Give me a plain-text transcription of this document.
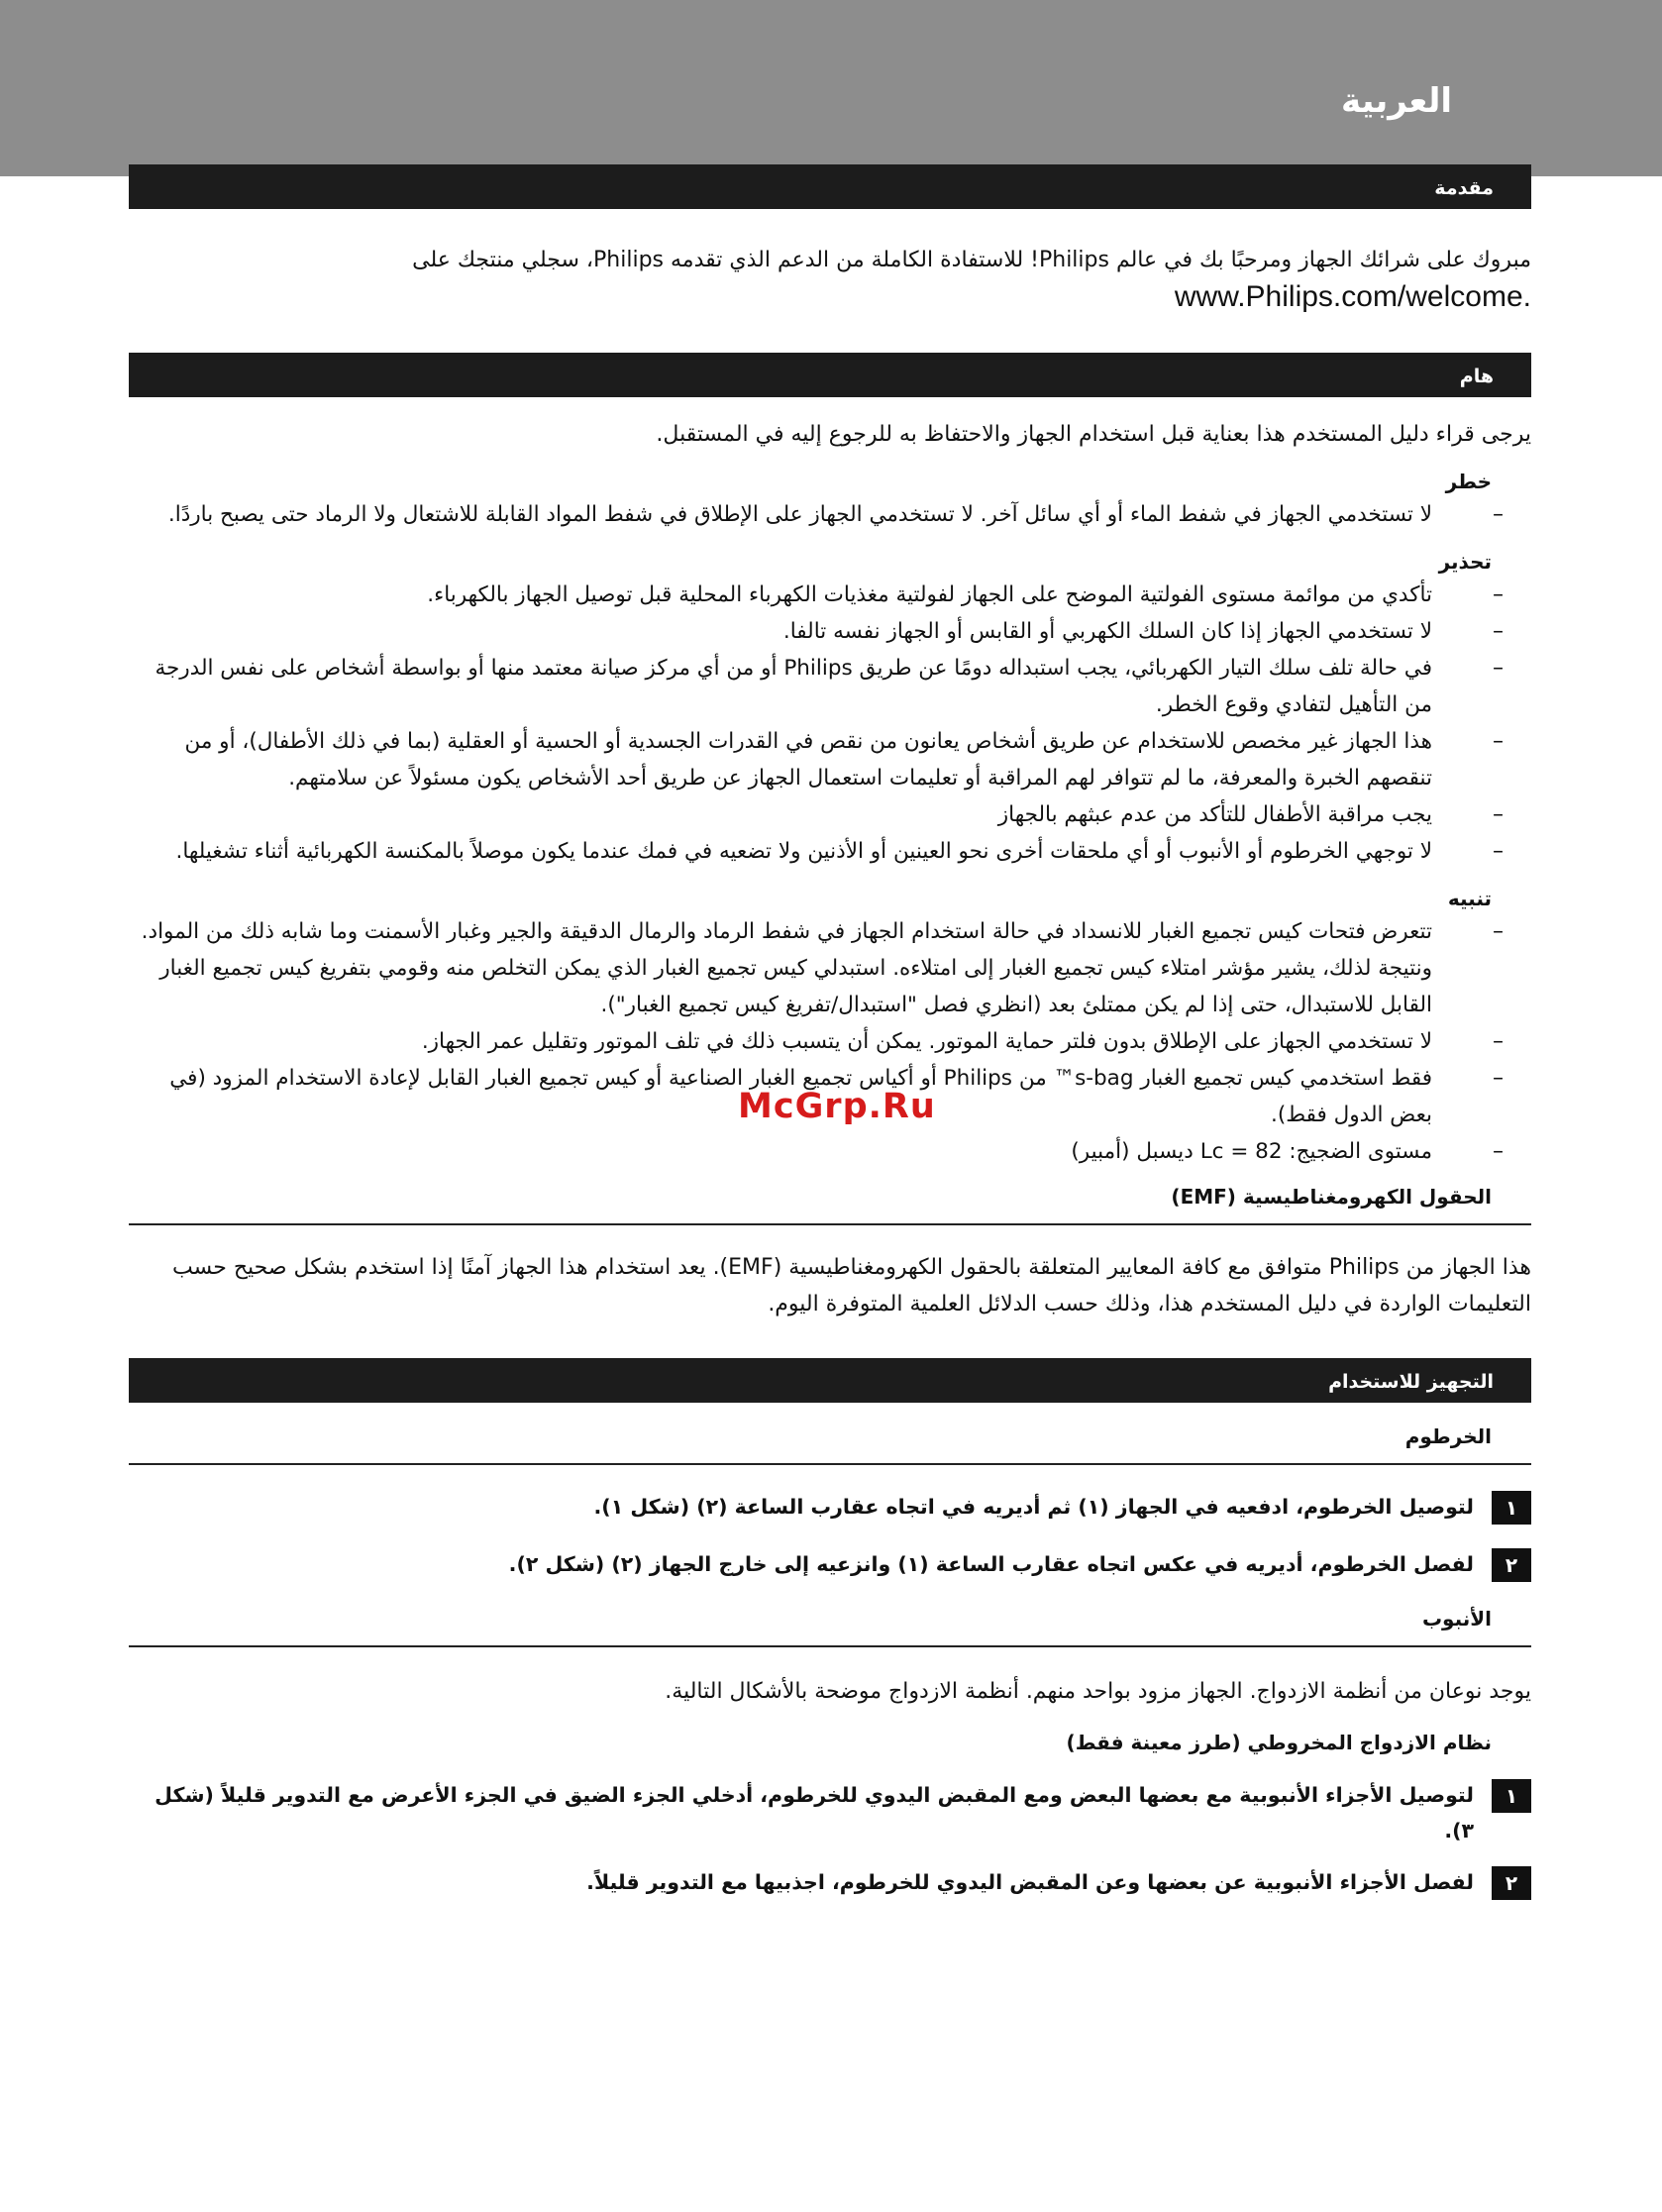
العربية
McGrp.Ru
مقدمة

مبروك على شرائك الجهاز ومرحبًا بك في عالم Philips! للاستفادة الكاملة من الدعم الذي تقدمه Philips، سجلي منتجك على
.www.Philips.com/welcome

هام

يرجى قراء دليل المستخدم هذا بعناية قبل استخدام الجهاز والاحتفاظ به للرجوع إليه في المستقبل.

خطر

– لا تستخدمي الجهاز في شفط الماء أو أي سائل آخر. لا تستخدمي الجهاز على الإطلاق في شفط المواد القابلة للاشتعال ولا الرماد حتى يصبح باردًا.

تحذير

– تأكدي من موائمة مستوى الفولتية الموضح على الجهاز لفولتية مغذيات الكهرباء المحلية قبل توصيل الجهاز بالكهرباء.
– لا تستخدمي الجهاز إذا كان السلك الكهربي أو القابس أو الجهاز نفسه تالفا.
– في حالة تلف سلك التيار الكهربائي، يجب استبداله دومًا عن طريق Philips أو من أي مركز صيانة معتمد منها أو بواسطة أشخاص على نفس الدرجة من التأهيل لتفادي وقوع الخطر.
– هذا الجهاز غير مخصص للاستخدام عن طريق أشخاص يعانون من نقص في القدرات الجسدية أو الحسية أو العقلية (بما في ذلك الأطفال)، أو من تنقصهم الخبرة والمعرفة، ما لم تتوافر لهم المراقبة أو تعليمات استعمال الجهاز عن طريق أحد الأشخاص يكون مسئولاً عن سلامتهم.
– يجب مراقبة الأطفال للتأكد من عدم عبثهم بالجهاز
– لا توجهي الخرطوم أو الأنبوب أو أي ملحقات أخرى نحو العينين أو الأذنين ولا تضعيه في فمك عندما يكون موصلاً بالمكنسة الكهربائية أثناء تشغيلها.

تنبيه

– تتعرض فتحات كيس تجميع الغبار للانسداد في حالة استخدام الجهاز في شفط الرماد والرمال الدقيقة والجير وغبار الأسمنت وما شابه ذلك من المواد. ونتيجة لذلك، يشير مؤشر امتلاء كيس تجميع الغبار إلى امتلاءه. استبدلي كيس تجميع الغبار الذي يمكن التخلص منه وقومي بتفريغ كيس تجميع الغبار القابل للاستبدال، حتى إذا لم يكن ممتلئ بعد (انظري فصل "استبدال/تفريغ كيس تجميع الغبار").
– لا تستخدمي الجهاز على الإطلاق بدون فلتر حماية الموتور. يمكن أن يتسبب ذلك في تلف الموتور وتقليل عمر الجهاز.
– فقط استخدمي كيس تجميع الغبار s-bag™ من Philips أو أكياس تجميع الغبار الصناعية أو كيس تجميع الغبار القابل لإعادة الاستخدام المزود (في بعض الدول فقط).
– مستوى الضجيج: Lc = 82 ديسبل (أمبير)

الحقول الكهرومغناطيسية (EMF)

هذا الجهاز من Philips متوافق مع كافة المعايير المتعلقة بالحقول الكهرومغناطيسية (EMF). يعد استخدام هذا الجهاز آمنًا إذا استخدم بشكل صحيح حسب التعليمات الواردة في دليل المستخدم هذا، وذلك حسب الدلائل العلمية المتوفرة اليوم.

التجهيز للاستخدام

الخرطوم

١
لتوصيل الخرطوم، ادفعيه في الجهاز (١) ثم أديريه في اتجاه عقارب الساعة (٢) (شكل ١).
٢
لفصل الخرطوم، أديريه في عكس اتجاه عقارب الساعة (١) وانزعيه إلى خارج الجهاز (٢) (شكل ٢).

الأنبوب

يوجد نوعان من أنظمة الازدواج. الجهاز مزود بواحد منهم. أنظمة الازدواج موضحة بالأشكال التالية.

نظام الازدواج المخروطي (طرز معينة فقط)

١
لتوصيل الأجزاء الأنبوبية مع بعضها البعض ومع المقبض اليدوي للخرطوم، أدخلي الجزء الضيق في الجزء الأعرض مع التدوير قليلاً (شكل ٣).
٢
لفصل الأجزاء الأنبوبية عن بعضها وعن المقبض اليدوي للخرطوم، اجذبيها مع التدوير قليلاً.
